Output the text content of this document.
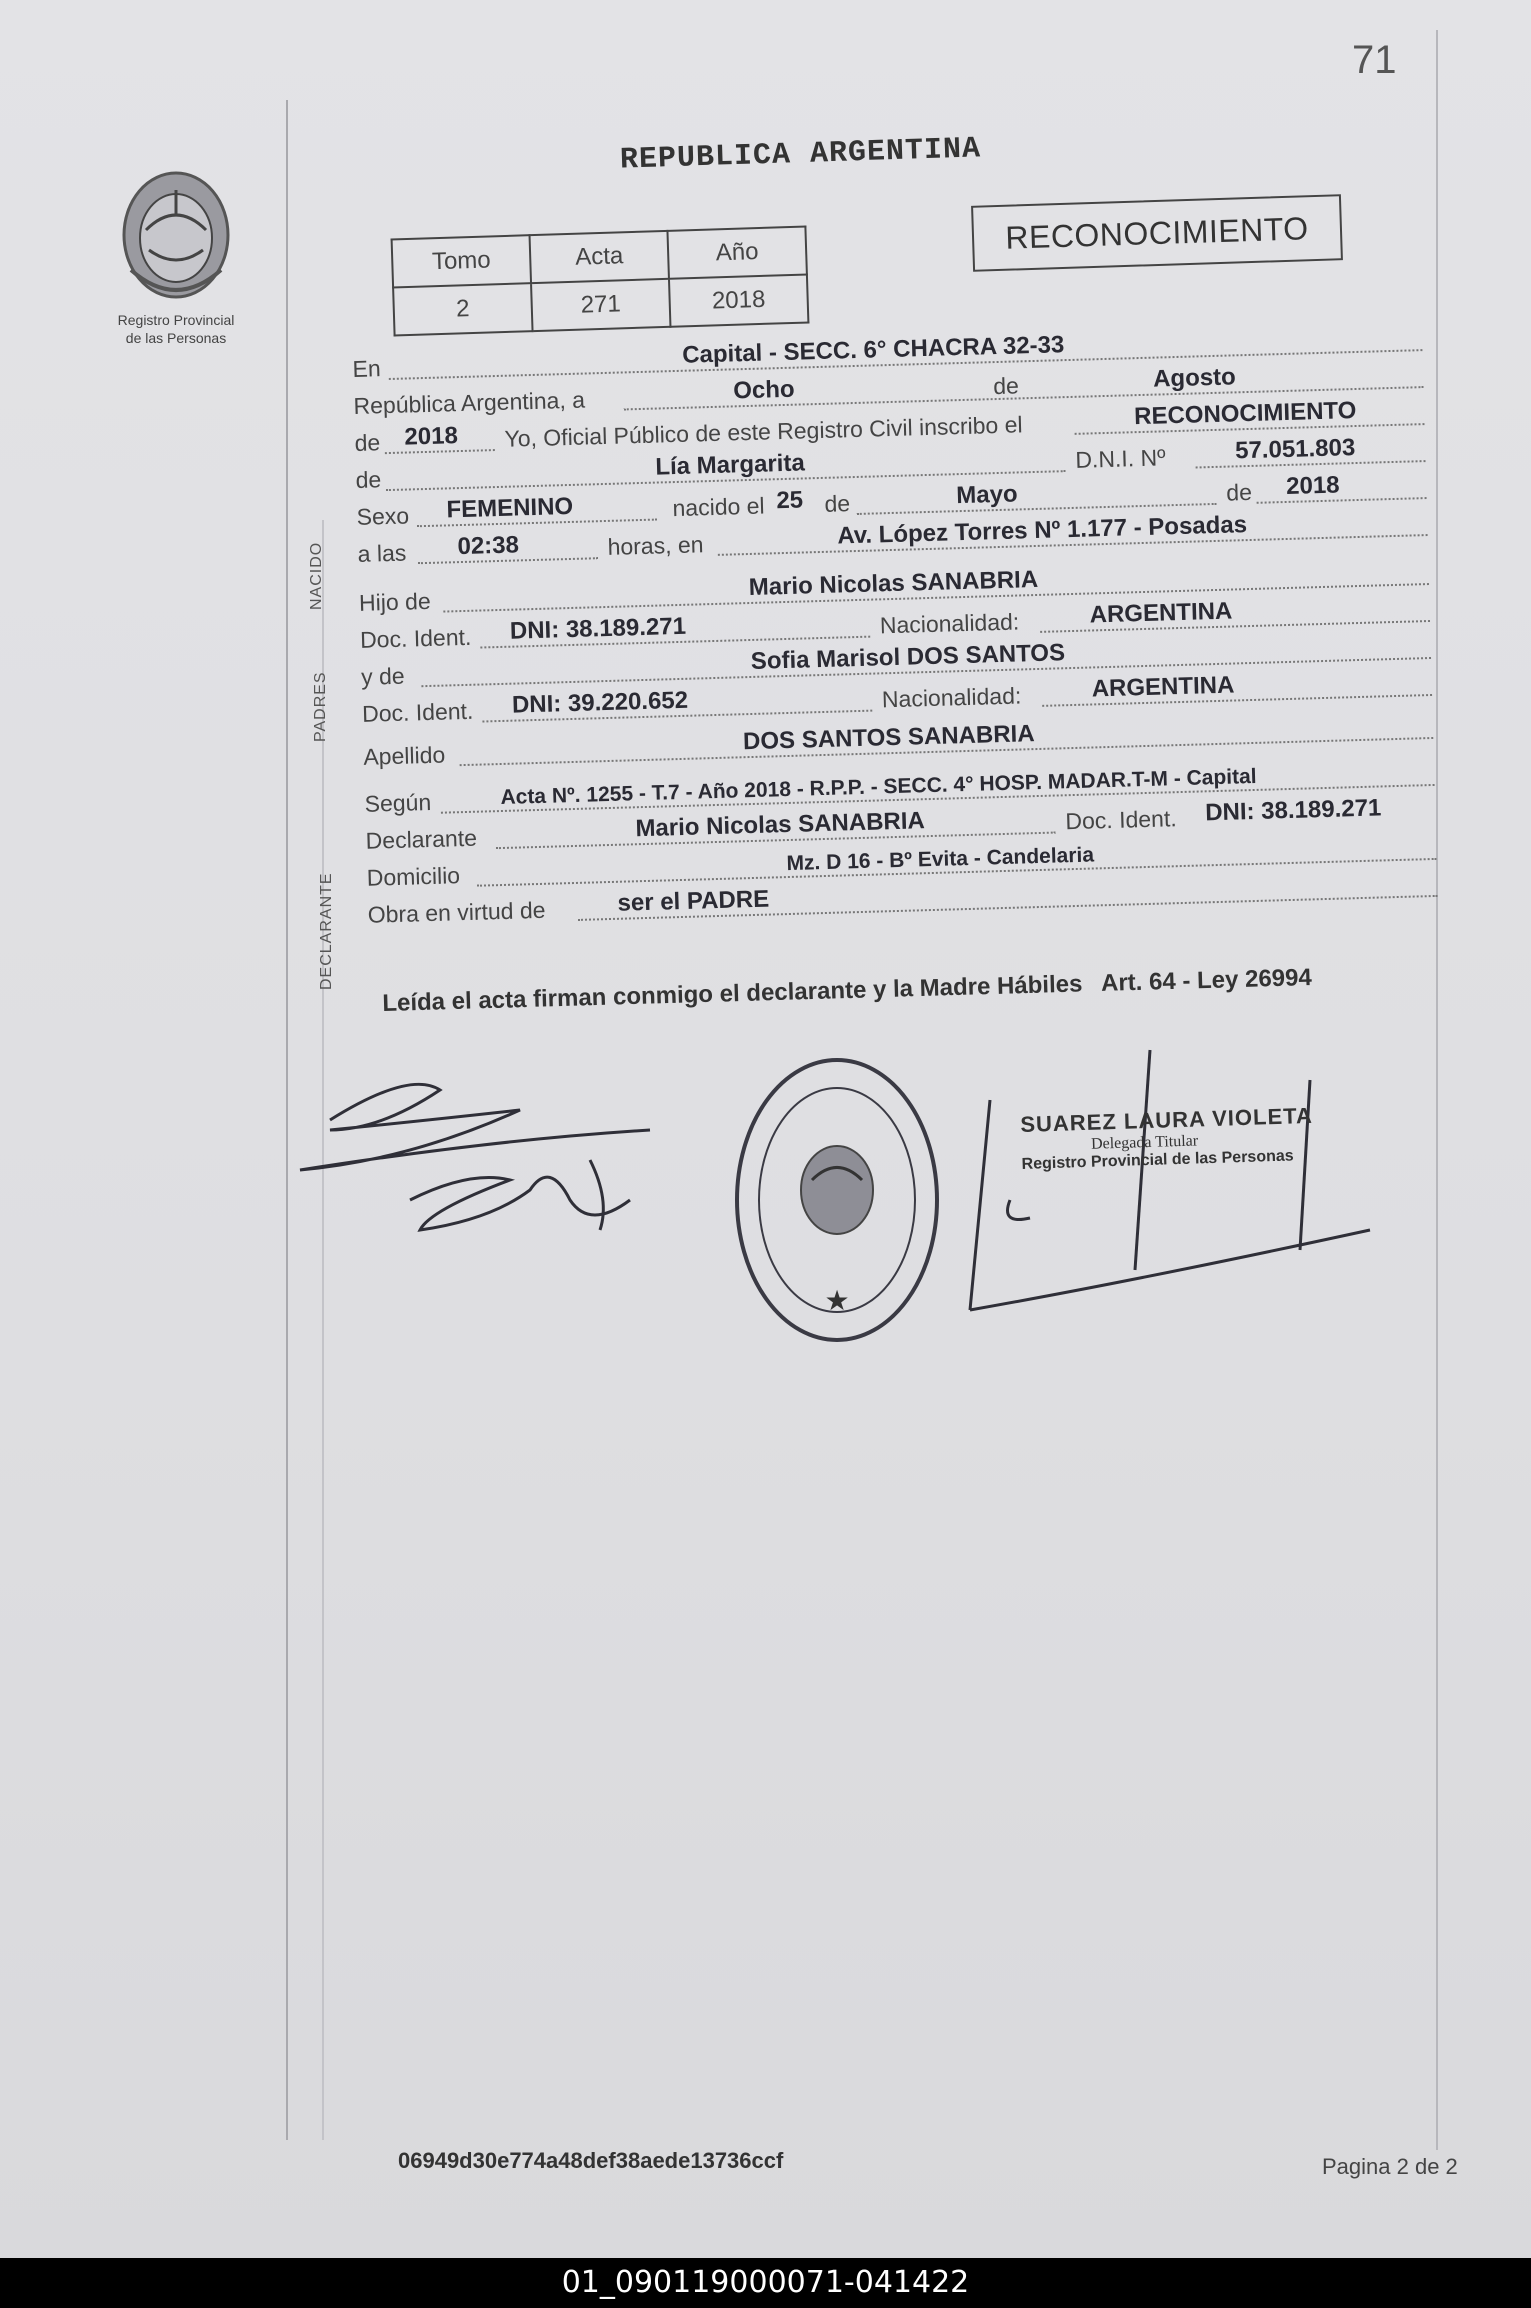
71
Registro Provincial
de las Personas
REPUBLICA ARGENTINA
RECONOCIMIENTO
Tomo	Acta	Año
2	271	2018
NACIDO
PADRES
DECLARANTE
En	Capital - SECC. 6° CHACRA 32-33
República Argentina, a	Ocho	de	Agosto
de 2018 Yo, Oficial Público de este Registro Civil inscribo el	RECONOCIMIENTO
de	Lía Margarita	D.N.I. Nº	57.051.803
Sexo FEMENINO	nacido el 25 de	Mayo	de 2018
a las 02:38	horas, en	Av. López Torres Nº 1.177 - Posadas
Hijo de
Mario Nicolas SANABRIA
Doc. Ident. DNI: 38.189.271	Nacionalidad:	ARGENTINA
y de
Sofia Marisol DOS SANTOS
Doc. Ident. DNI: 39.220.652	Nacionalidad:	ARGENTINA
Apellido
DOS SANTOS SANABRIA
Según	Acta Nº. 1255 - T.7 - Año 2018 - R.P.P. - SECC. 4° HOSP. MADAR.T-M - Capital
Declarante	Mario Nicolas SANABRIA	Doc. Ident. DNI: 38.189.271
Domicilio
Mz. D 16 - Bº Evita - Candelaria
Obra en virtud de	ser el PADRE
Leída el acta firman conmigo el declarante y la Madre Hábiles Art. 64 - Ley 26994
★
SUAREZ LAURA VIOLETA
Delegada Titular
Registro Provincial de las Personas
06949d30e774a48def38aede13736ccf	Pagina 2 de 2
01_090119000071-041422
